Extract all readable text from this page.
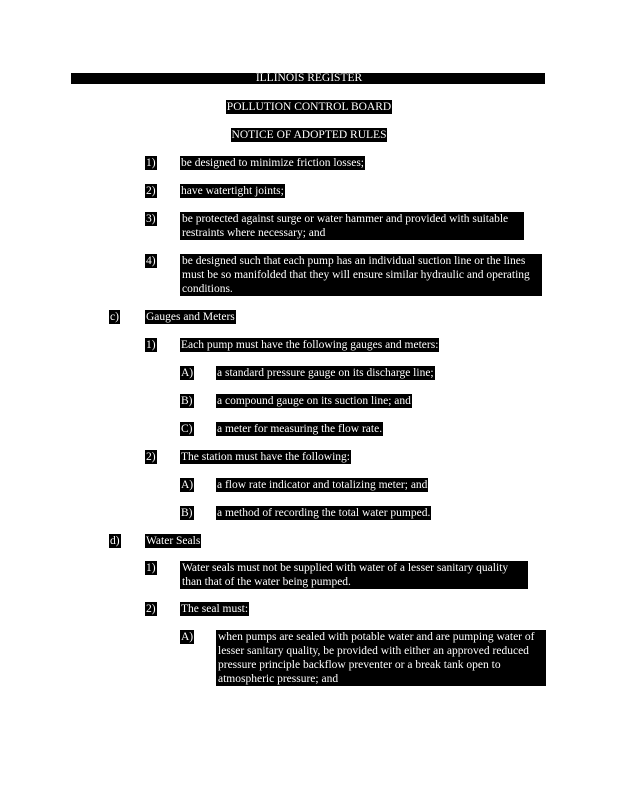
ILLINOIS REGISTER
POLLUTION CONTROL BOARD
NOTICE OF ADOPTED RULES
1) be designed to minimize friction losses;
2) have watertight joints;
3) be protected against surge or water hammer and provided with suitable restraints where necessary; and
4) be designed such that each pump has an individual suction line or the lines must be so manifolded that they will ensure similar hydraulic and operating conditions.
c) Gauges and Meters
1) Each pump must have the following gauges and meters:
A) a standard pressure gauge on its discharge line;
B) a compound gauge on its suction line; and
C) a meter for measuring the flow rate.
2) The station must have the following:
A) a flow rate indicator and totalizing meter; and
B) a method of recording the total water pumped.
d) Water Seals
1) Water seals must not be supplied with water of a lesser sanitary quality than that of the water being pumped.
2) The seal must:
A) when pumps are sealed with potable water and are pumping water of lesser sanitary quality, be provided with either an approved reduced pressure principle backflow preventer or a break tank open to atmospheric pressure; and
